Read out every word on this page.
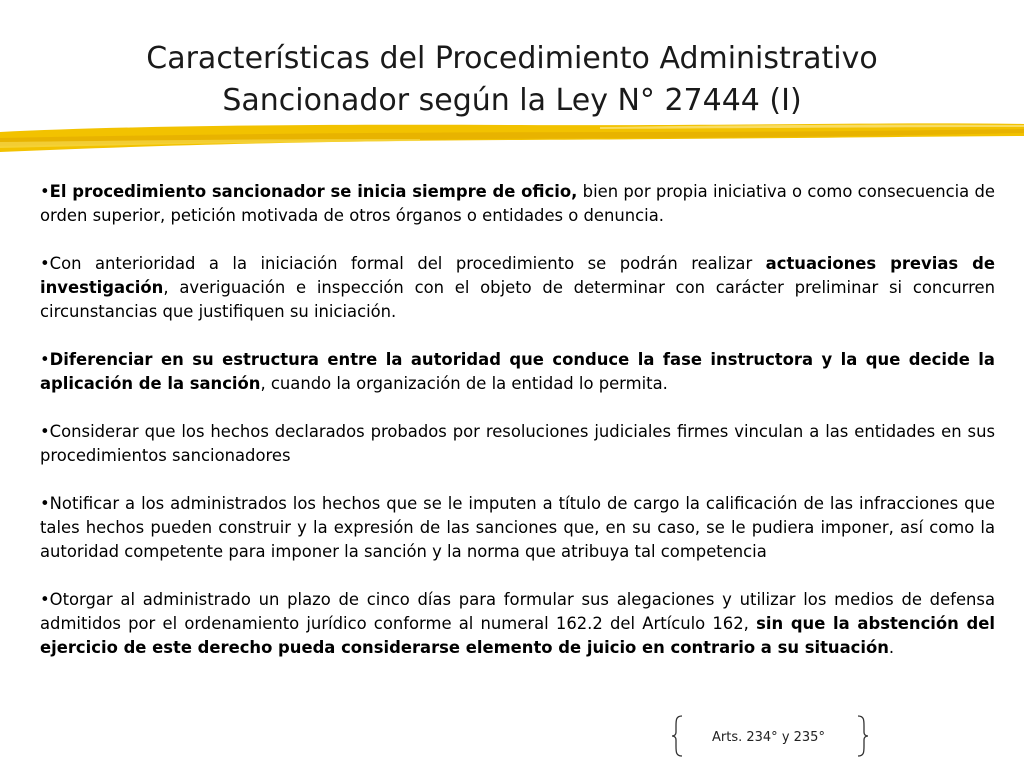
Características del Procedimiento Administrativo
Sancionador según la Ley N° 27444 (I)

•El procedimiento sancionador se inicia siempre de oficio, bien por propia iniciativa o como consecuencia de orden superior, petición motivada de otros órganos o entidades o denuncia.

•Con anterioridad a la iniciación formal del procedimiento se podrán realizar actuaciones previas de investigación, averiguación e inspección con el objeto de determinar con carácter preliminar si concurren circunstancias que justifiquen su iniciación.

•Diferenciar en su estructura entre la autoridad que conduce la fase instructora y la que decide la aplicación de la sanción, cuando la organización de la entidad lo permita.

•Considerar que los hechos declarados probados por resoluciones judiciales firmes vinculan a las entidades en sus procedimientos sancionadores

•Notificar a los administrados los hechos que se le imputen a título de cargo la calificación de las infracciones que tales hechos pueden construir y la expresión de las sanciones que, en su caso, se le pudiera imponer, así como la autoridad competente para imponer la sanción y la norma que atribuya tal competencia

•Otorgar al administrado un plazo de cinco días para formular sus alegaciones y utilizar los medios de defensa admitidos por el ordenamiento jurídico conforme al numeral 162.2 del Artículo 162, sin que la abstención del ejercicio de este derecho pueda considerarse elemento de juicio en contrario a su situación.

Arts. 234° y 235°
